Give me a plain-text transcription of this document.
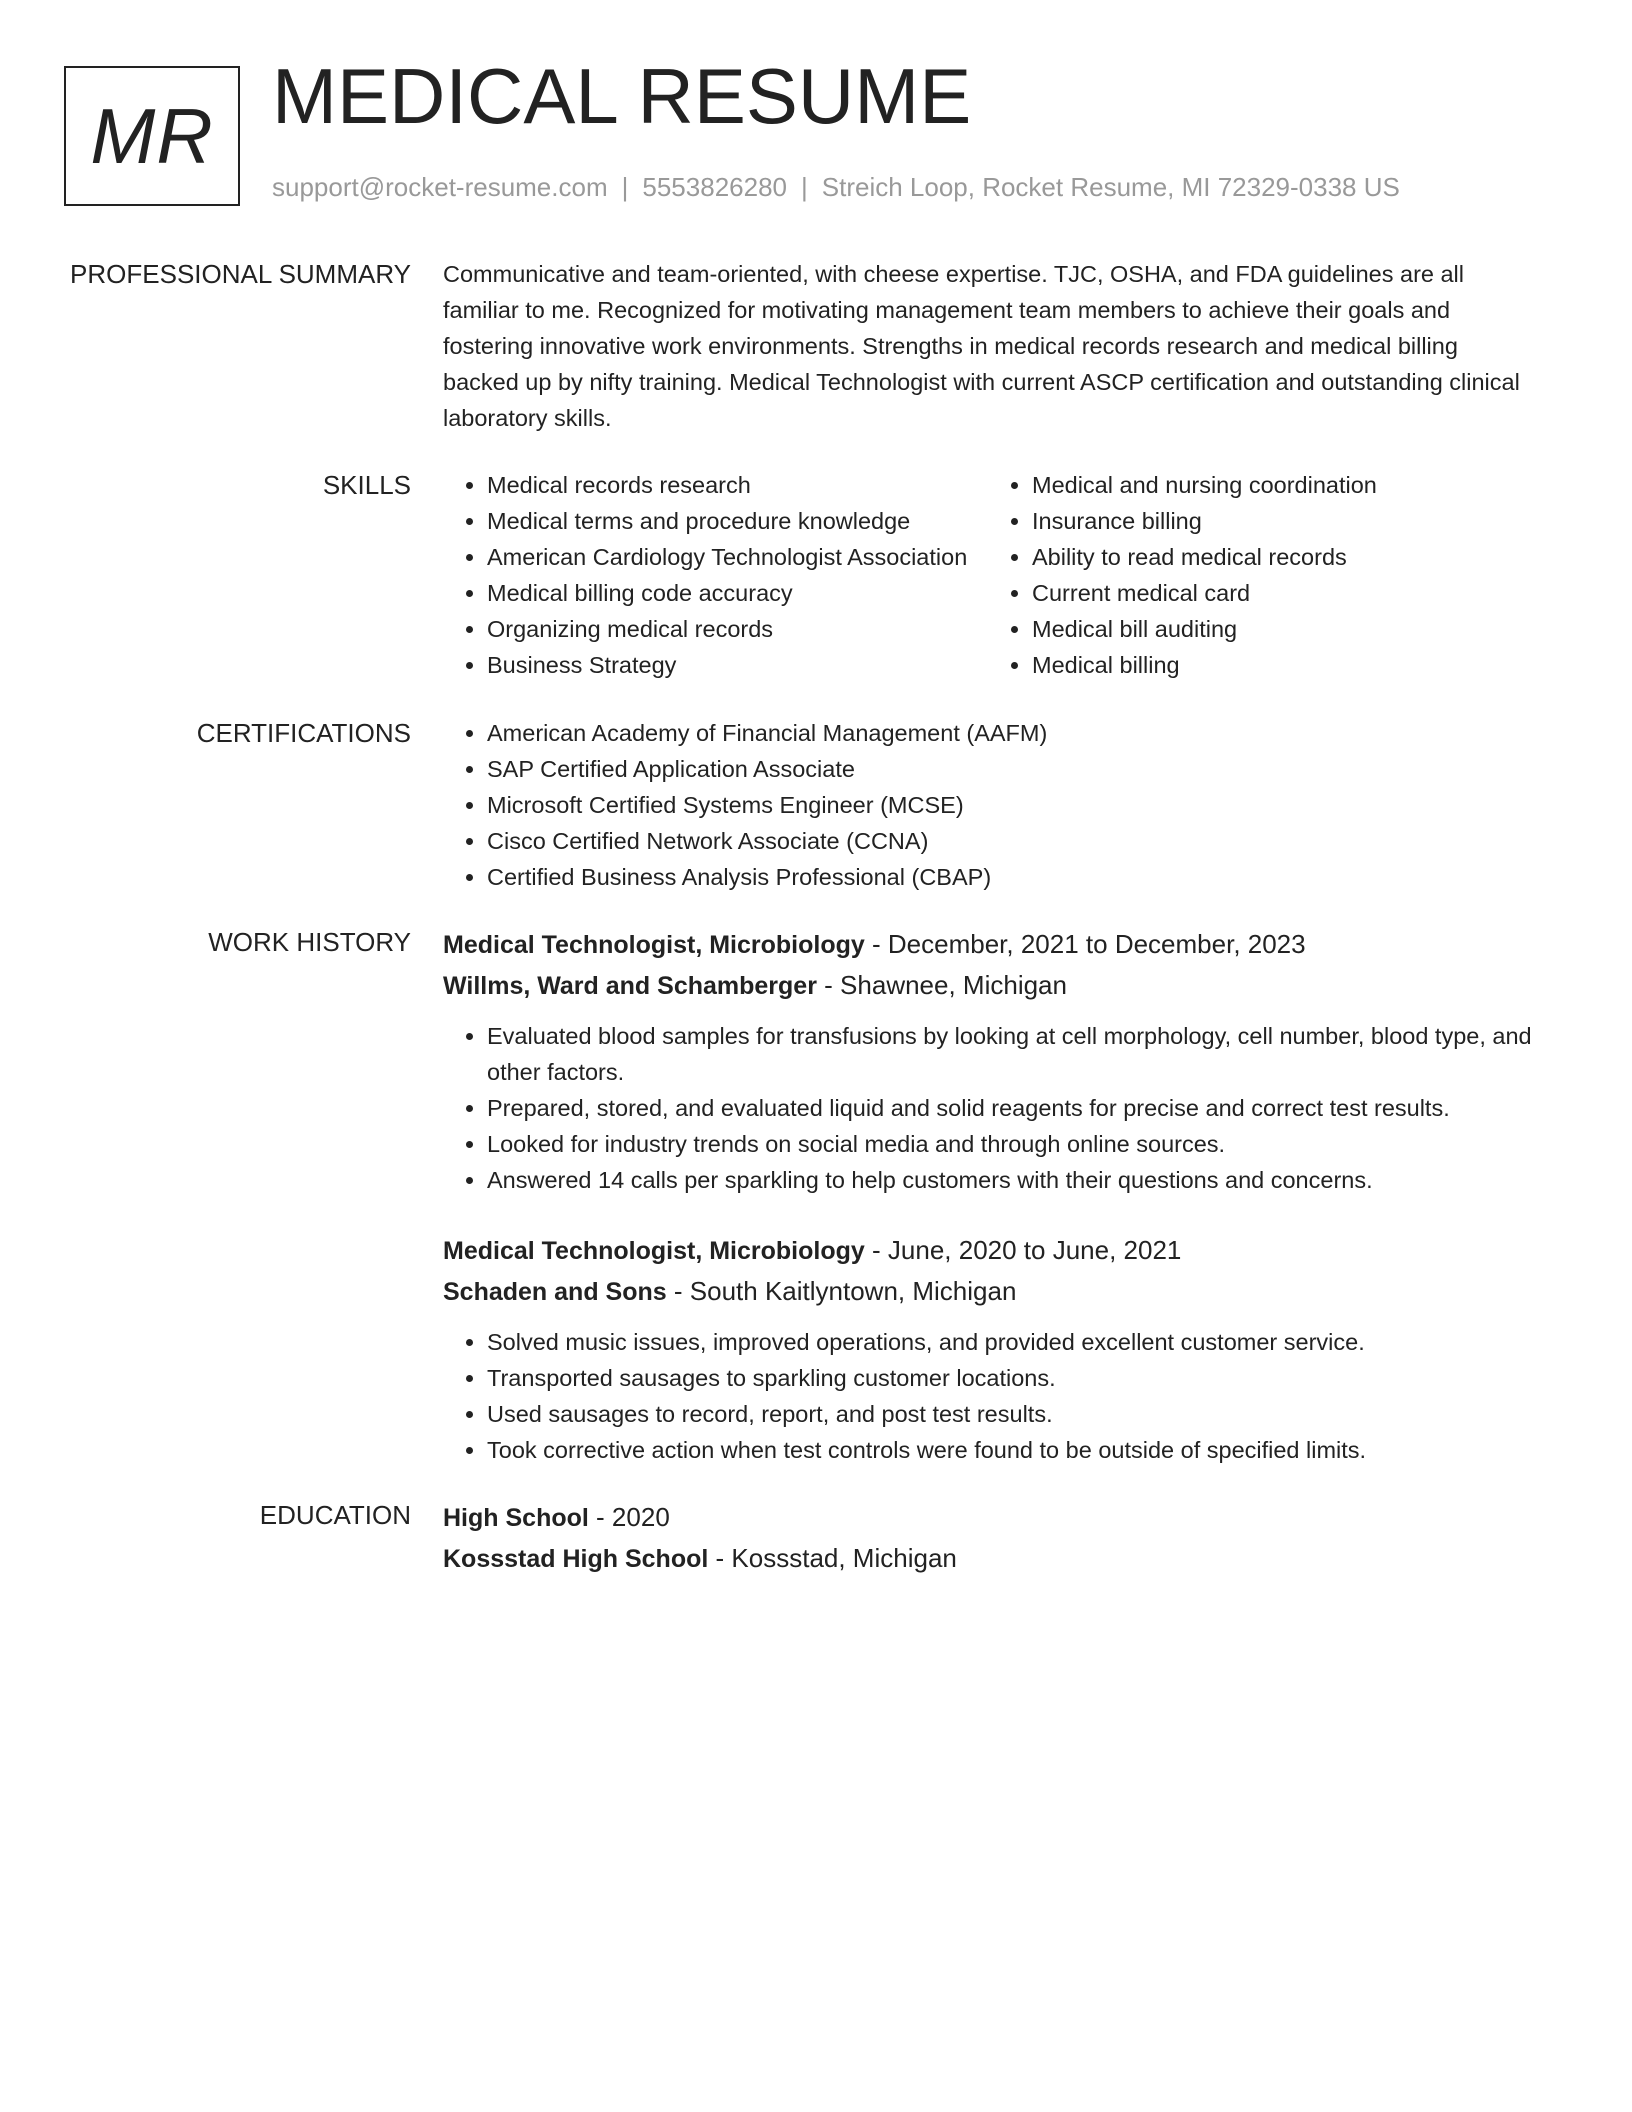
MR MEDICAL RESUME
support@rocket-resume.com | 5553826280 | Streich Loop, Rocket Resume, MI 72329-0338 US
PROFESSIONAL SUMMARY Communicative and team-oriented, with cheese expertise. TJC, OSHA, and FDA guidelines are all familiar to me. Recognized for motivating management team members to achieve their goals and fostering innovative work environments. Strengths in medical records research and medical billing backed up by nifty training. Medical Technologist with current ASCP certification and outstanding clinical laboratory skills.
SKILLS	• Medical records research
• Medical terms and procedure knowledge
• American Cardiology Technologist Association
• Medical billing code accuracy
• Organizing medical records
• Business Strategy
• Medical and nursing coordination
• Insurance billing
• Ability to read medical records
• Current medical card
• Medical bill auditing
• Medical billing
CERTIFICATIONS	• American Academy of Financial Management (AAFM)
• SAP Certified Application Associate
• Microsoft Certified Systems Engineer (MCSE)
• Cisco Certified Network Associate (CCNA)
• Certified Business Analysis Professional (CBAP)
WORK HISTORY Medical Technologist, Microbiology - December, 2021 to December, 2023
Willms, Ward and Schamberger - Shawnee, Michigan
• Evaluated blood samples for transfusions by looking at cell morphology, cell number, blood type, and other factors.
• Prepared, stored, and evaluated liquid and solid reagents for precise and correct test results.
• Looked for industry trends on social media and through online sources.
• Answered 14 calls per sparkling to help customers with their questions and concerns.
Medical Technologist, Microbiology - June, 2020 to June, 2021
Schaden and Sons - South Kaitlyntown, Michigan
• Solved music issues, improved operations, and provided excellent customer service.
• Transported sausages to sparkling customer locations.
• Used sausages to record, report, and post test results.
• Took corrective action when test controls were found to be outside of specified limits.
EDUCATION High School - 2020
Kossstad High School - Kossstad, Michigan
